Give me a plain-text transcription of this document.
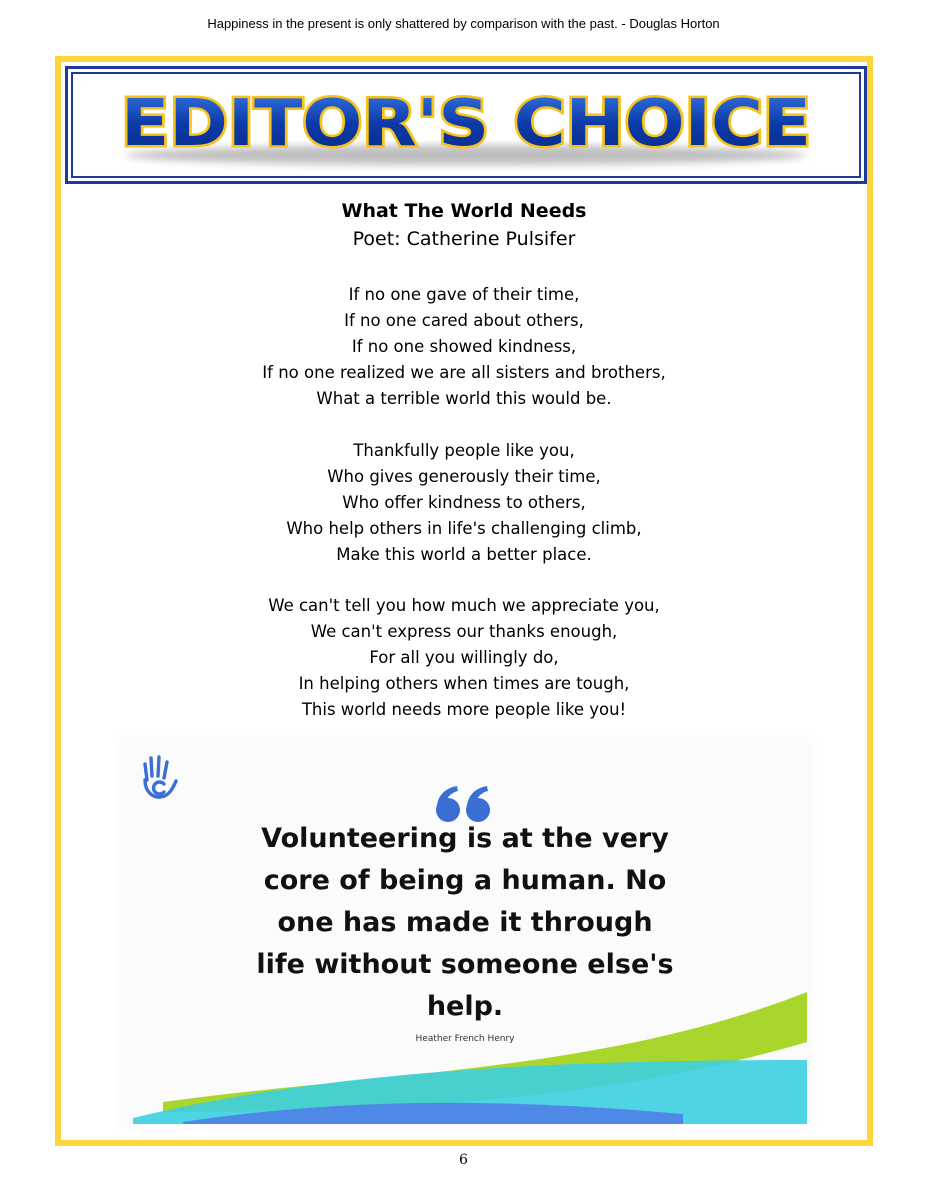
Happiness in the present is only shattered by comparison with the past. - Douglas Horton
EDITOR'S CHOICE
What The World Needs
Poet: Catherine Pulsifer
If no one gave of their time,
If no one cared about others,
If no one showed kindness,
If no one realized we are all sisters and brothers,
What a terrible world this would be.
Thankfully people like you,
Who gives generously their time,
Who offer kindness to others,
Who help others in life's challenging climb,
Make this world a better place.
We can't tell you how much we appreciate you,
We can't express our thanks enough,
For all you willingly do,
In helping others when times are tough,
This world needs more people like you!
Volunteering is at the very
core of being a human. No
one has made it through
life without someone else's
help.
Heather French Henry
6
